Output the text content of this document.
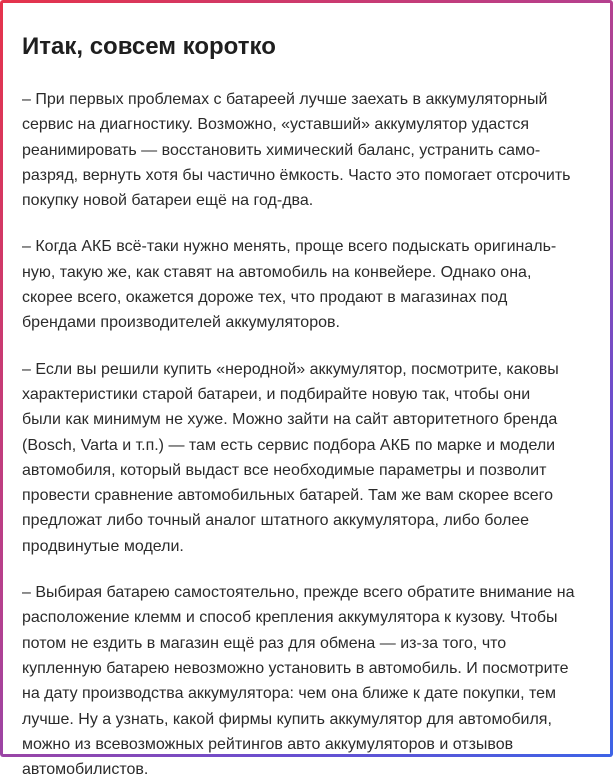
Итак, совсем коротко

– При первых проблемах с батареей лучше заехать в аккумуляторный
сервис на диагностику. Возможно, «уставший» аккумулятор удастся
реанимировать — восстановить химический баланс, устранить само-
разряд, вернуть хотя бы частично ёмкость. Часто это помогает отсрочить
покупку новой батареи ещё на год-два.

– Когда АКБ всё-таки нужно менять, проще всего подыскать оригиналь-
ную, такую же, как ставят на автомобиль на конвейере. Однако она,
скорее всего, окажется дороже тех, что продают в магазинах под
брендами производителей аккумуляторов.

– Если вы решили купить «неродной» аккумулятор, посмотрите, каковы
характеристики старой батареи, и подбирайте новую так, чтобы они
были как минимум не хуже. Можно зайти на сайт авторитетного бренда
(Bosch, Varta и т.п.) — там есть сервис подбора АКБ по марке и модели
автомобиля, который выдаст все необходимые параметры и позволит
провести сравнение автомобильных батарей. Там же вам скорее всего
предложат либо точный аналог штатного аккумулятора, либо более
продвинутые модели.

– Выбирая батарею самостоятельно, прежде всего обратите внимание на
расположение клемм и способ крепления аккумулятора к кузову. Чтобы
потом не ездить в магазин ещё раз для обмена — из-за того, что
купленную батарею невозможно установить в автомобиль. И посмотрите
на дату производства аккумулятора: чем она ближе к дате покупки, тем
лучше. Ну а узнать, какой фирмы купить аккумулятор для автомобиля,
можно из всевозможных рейтингов авто аккумуляторов и отзывов
автомобилистов.
